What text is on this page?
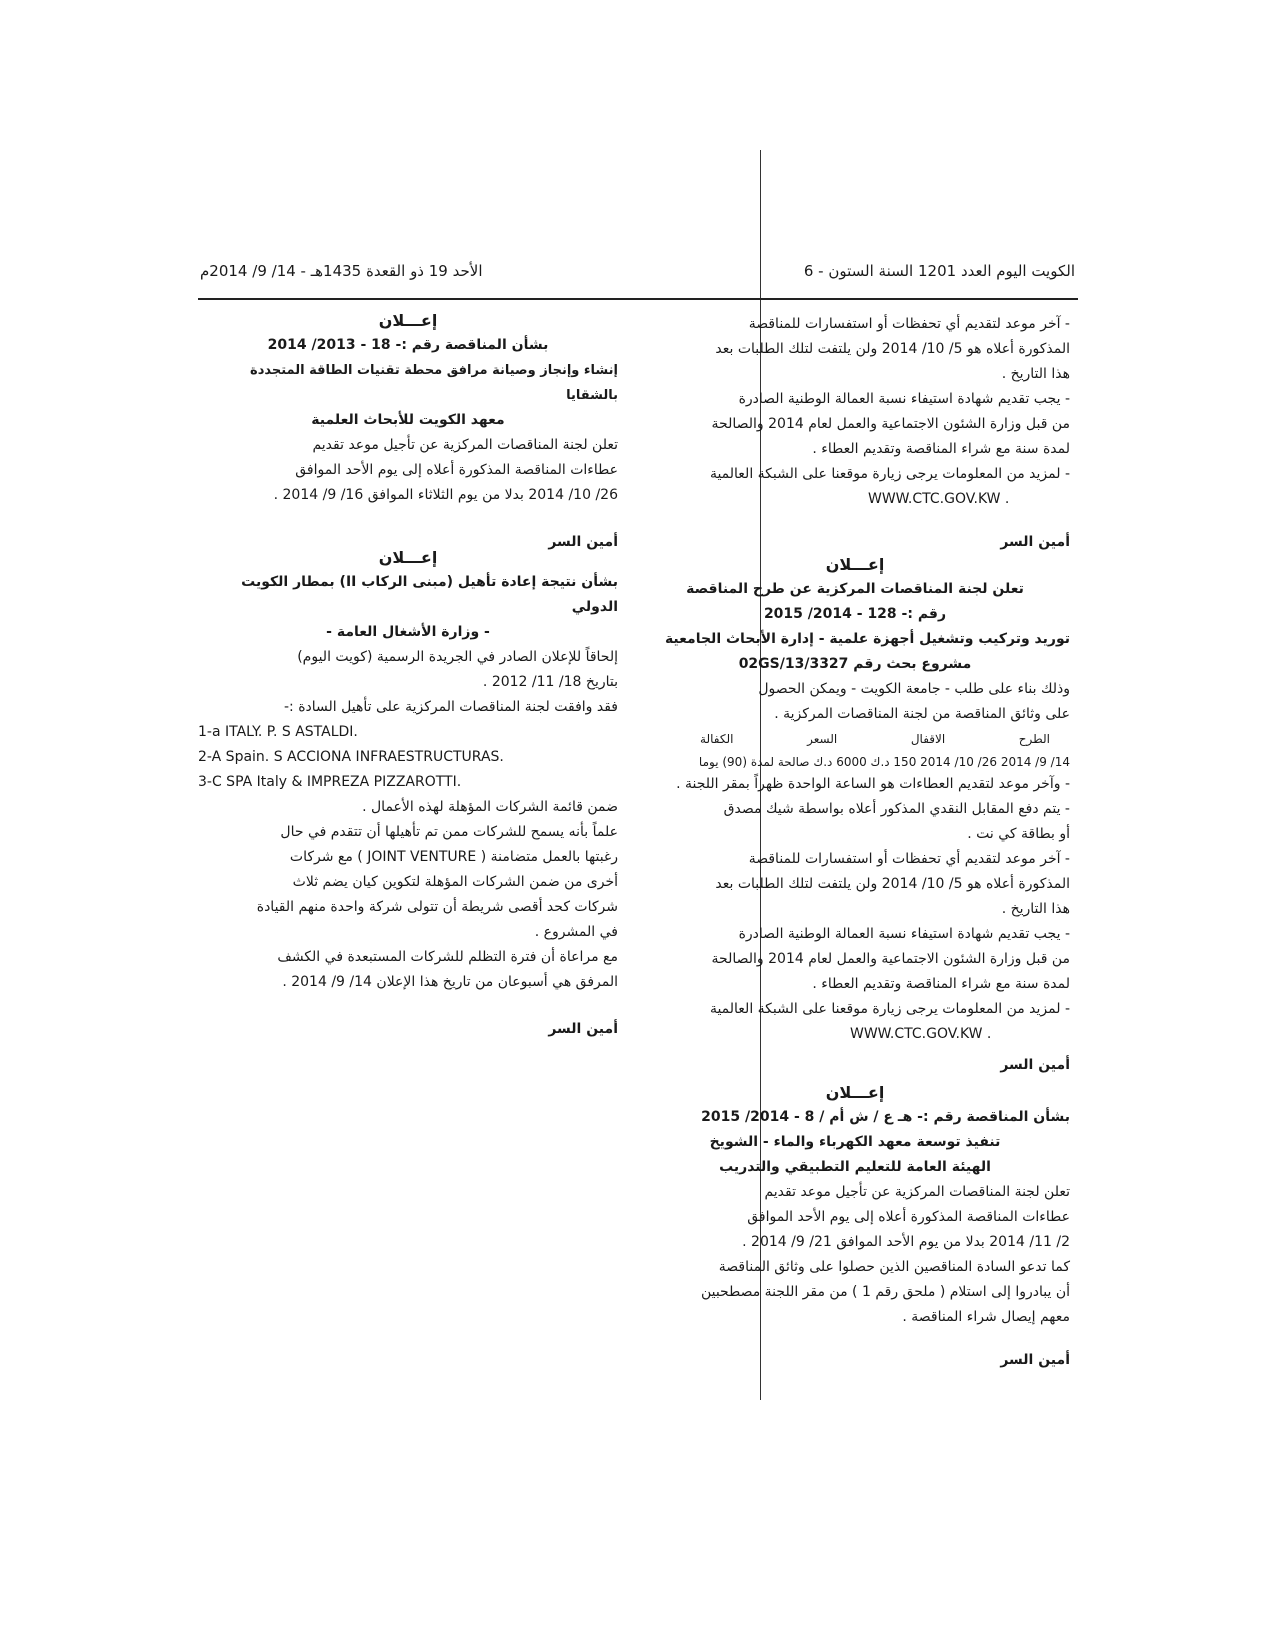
الكويت اليوم العدد 1201 السنة الستون - 6
الأحد 19 ذو القعدة 1435هـ - 14/ 9/ 2014م

- آخر موعد لتقديم أي تحفظات أو استفسارات للمناقصة

المذكورة أعلاه هو 5/ 10/ 2014 ولن يلتفت لتلك الطلبات بعد

هذا التاريخ .

- يجب تقديم شهادة استيفاء نسبة العمالة الوطنية الصادرة

من قبل وزارة الشئون الاجتماعية والعمل لعام 2014 والصالحة

لمدة سنة مع شراء المناقصة وتقديم العطاء .

- لمزيد من المعلومات يرجى زيارة موقعنا على الشبكة العالمية

WWW.CTC.GOV.KW .

أمين السر

إعـــلان

تعلن لجنة المناقصات المركزية عن طرح المناقصة

رقم :- 128 - 2014/ 2015

توريد وتركيب وتشغيل أجهزة علمية - إدارة الأبحاث الجامعية

مشروع بحث رقم 02GS/13/3327

وذلك بناء على طلب - جامعة الكويت - ويمكن الحصول

على وثائق المناقصة من لجنة المناقصات المركزية .

الطرح
الاقفال
السعر
الكفالة

14/ 9/ 2014 26/ 10/ 2014 150 د.ك 6000 د.ك صالحة لمدة (90) يوما

- وآخر موعد لتقديم العطاءات هو الساعة الواحدة ظهراً بمقر اللجنة .

- يتم دفع المقابل النقدي المذكور أعلاه بواسطة شيك مصدق

أو بطاقة كي نت .

- آخر موعد لتقديم أي تحفظات أو استفسارات للمناقصة

المذكورة أعلاه هو 5/ 10/ 2014 ولن يلتفت لتلك الطلبات بعد

هذا التاريخ .

- يجب تقديم شهادة استيفاء نسبة العمالة الوطنية الصادرة

من قبل وزارة الشئون الاجتماعية والعمل لعام 2014 والصالحة

لمدة سنة مع شراء المناقصة وتقديم العطاء .

- لمزيد من المعلومات يرجى زيارة موقعنا على الشبكة العالمية

WWW.CTC.GOV.KW .

أمين السر

إعـــلان

بشأن المناقصة رقم :- هـ ع / ش أم / 8 - 2014/ 2015

تنفيذ توسعة معهد الكهرباء والماء - الشويخ

الهيئة العامة للتعليم التطبيقي والتدريب

تعلن لجنة المناقصات المركزية عن تأجيل موعد تقديم

عطاءات المناقصة المذكورة أعلاه إلى يوم الأحد الموافق

2/ 11/ 2014 بدلا من يوم الأحد الموافق 21/ 9/ 2014 .

كما تدعو السادة المناقصين الذين حصلوا على وثائق المناقصة

أن يبادروا إلى استلام ( ملحق رقم 1 ) من مقر اللجنة مصطحبين

معهم إيصال شراء المناقصة .

أمين السر

إعـــلان

بشأن المناقصة رقم :- 18 - 2013/ 2014

إنشاء وإنجاز وصيانة مرافق محطة تقنيات الطاقة المتجددة بالشقايا

معهد الكويت للأبحاث العلمية

تعلن لجنة المناقصات المركزية عن تأجيل موعد تقديم

عطاءات المناقصة المذكورة أعلاه إلى يوم الأحد الموافق

26/ 10/ 2014 بدلا من يوم الثلاثاء الموافق 16/ 9/ 2014 .

أمين السر

إعـــلان

بشأن نتيجة إعادة تأهيل (مبنى الركاب II) بمطار الكويت الدولي

- وزارة الأشغال العامة -

إلحاقاً للإعلان الصادر في الجريدة الرسمية (كويت اليوم)

بتاريخ 18/ 11/ 2012 .

فقد وافقت لجنة المناقصات المركزية على تأهيل السادة :-

1-a ITALY. P. S ASTALDI.

2-A Spain. S ACCIONA INFRAESTRUCTURAS.

3-C SPA Italy & IMPREZA PIZZAROTTI.

ضمن قائمة الشركات المؤهلة لهذه الأعمال .

علماً بأنه يسمح للشركات ممن تم تأهيلها أن تتقدم في حال

رغبتها بالعمل متضامنة ( JOINT VENTURE ) مع شركات

أخرى من ضمن الشركات المؤهلة لتكوين كيان يضم ثلاث

شركات كحد أقصى شريطة أن تتولى شركة واحدة منهم القيادة

في المشروع .

مع مراعاة أن فترة التظلم للشركات المستبعدة في الكشف

المرفق هي أسبوعان من تاريخ هذا الإعلان 14/ 9/ 2014 .

أمين السر
